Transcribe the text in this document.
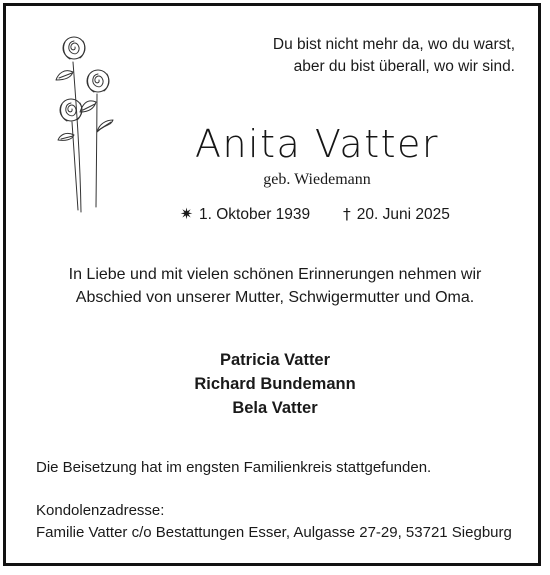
Du bist nicht mehr da, wo du warst,
aber du bist überall, wo wir sind.
Anita Vatter
geb. Wiedemann
✷ 1. Oktober 1939 † 20. Juni 2025
In Liebe und mit vielen schönen Erinnerungen nehmen wir
Abschied von unserer Mutter, Schwigermutter und Oma.
Patricia Vatter
Richard Bundemann
Bela Vatter
Die Beisetzung hat im engsten Familienkreis stattgefunden.
Kondolenzadresse:
Familie Vatter c/o Bestattungen Esser, Aulgasse 27-29, 53721 Siegburg
